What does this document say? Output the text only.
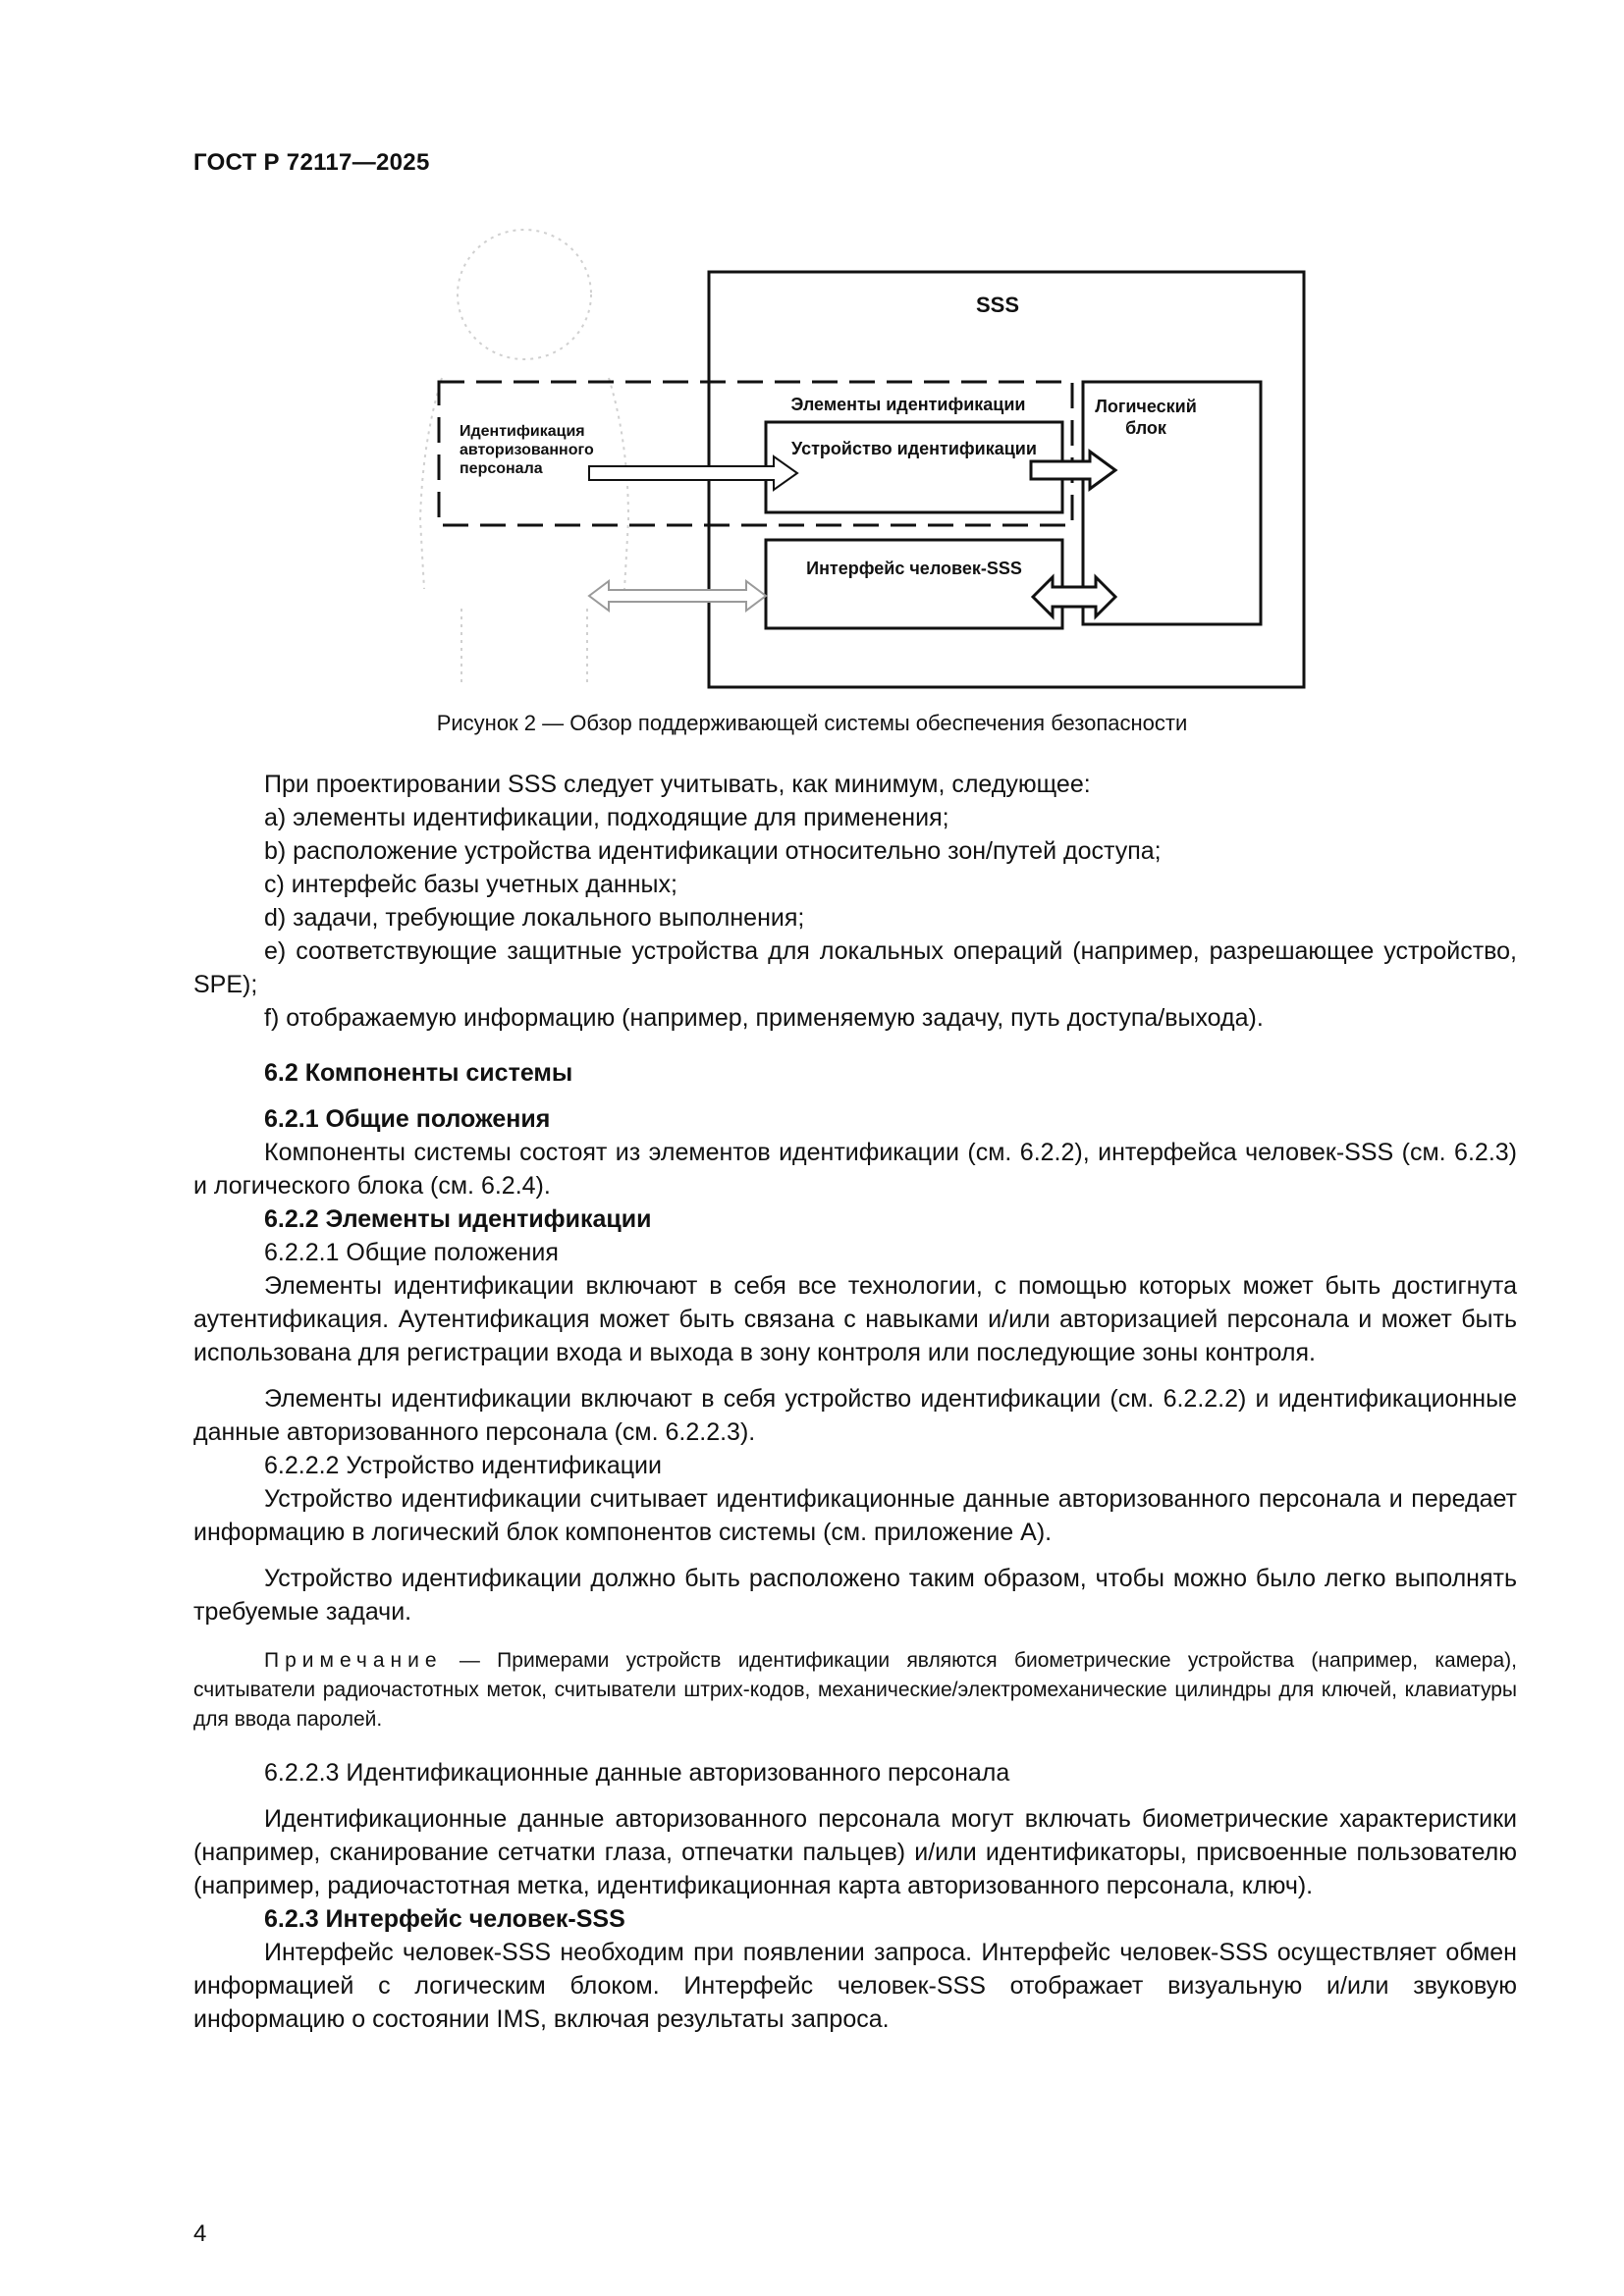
ГОСТ Р 72117—2025
SSS
Элементы идентификации
Идентификация
авторизованного
персонала
Устройство идентификации
Логический
блок
Интерфейс человек-SSS
Рисунок 2 — Обзор поддерживающей системы обеспечения безопасности

При проектировании SSS следует учитывать, как минимум, следующее:

а) элементы идентификации, подходящие для применения;

b) расположение устройства идентификации относительно зон/путей доступа;

c) интерфейс базы учетных данных;

d) задачи, требующие локального выполнения;

e) соответствующие защитные устройства для локальных операций (например, разрешающее устройство, SPE);

f) отображаемую информацию (например, применяемую задачу, путь доступа/выхода).

6.2 Компоненты системы

6.2.1 Общие положения

Компоненты системы состоят из элементов идентификации (см. 6.2.2), интерфейса человек-SSS (см. 6.2.3) и логического блока (см. 6.2.4).

6.2.2 Элементы идентификации

6.2.2.1 Общие положения

Элементы идентификации включают в себя все технологии, с помощью которых может быть достигнута аутентификация. Аутентификация может быть связана с навыками и/или авторизацией персонала и может быть использована для регистрации входа и выхода в зону контроля или последующие зоны контроля.

Элементы идентификации включают в себя устройство идентификации (см. 6.2.2.2) и идентификационные данные авторизованного персонала (см. 6.2.2.3).

6.2.2.2 Устройство идентификации

Устройство идентификации считывает идентификационные данные авторизованного персонала и передает информацию в логический блок компонентов системы (см. приложение А).

Устройство идентификации должно быть расположено таким образом, чтобы можно было легко выполнять требуемые задачи.

Примечание — Примерами устройств идентификации являются биометрические устройства (например, камера), считыватели радиочастотных меток, считыватели штрих-кодов, механические/электромеханические цилиндры для ключей, клавиатуры для ввода паролей.

6.2.2.3 Идентификационные данные авторизованного персонала

Идентификационные данные авторизованного персонала могут включать биометрические характеристики (например, сканирование сетчатки глаза, отпечатки пальцев) и/или идентификаторы, присвоенные пользователю (например, радиочастотная метка, идентификационная карта авторизованного персонала, ключ).

6.2.3 Интерфейс человек-SSS

Интерфейс человек-SSS необходим при появлении запроса. Интерфейс человек-SSS осуществляет обмен информацией с логическим блоком. Интерфейс человек-SSS отображает визуальную и/или звуковую информацию о состоянии IMS, включая результаты запроса.

4
